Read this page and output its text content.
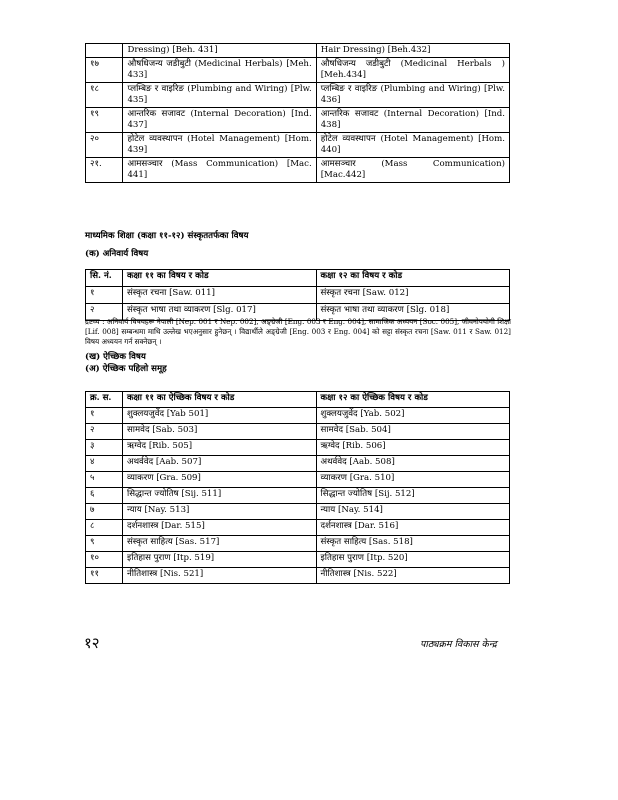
	Dressing) [Beh. 431]	Hair Dressing) [Beh.432]
१७	औषधिजन्य जडीबुटी (Medicinal Herbals) [Meh. 433]	औषधिजन्य जडीबुटी (Medicinal Herbals ) [Meh.434]
१८	प्लम्बिङ र वाइरिङ (Plumbing and Wiring) [Plw. 435]	प्लम्बिङ र वाइरिङ (Plumbing and Wiring) [Plw. 436]
१९	आन्तरिक सजावट (Internal Decoration) [Ind. 437]	आन्तरिक सजावट (Internal Decoration) [Ind. 438]
२०	होटेल व्यवस्थापन (Hotel Management) [Hom. 439]	होटेल व्यवस्थापन (Hotel Management) [Hom. 440]
२१.	आमसञ्चार (Mass Communication) [Mac. 441]	आमसञ्चार (Mass Communication) [Mac.442]
माध्यमिक शिक्षा (कक्षा ११-१२) संस्कृततर्फका विषय
(क) अनिवार्य विषय
सि. नं.	कक्षा ११ का विषय र कोड	कक्षा १२ का विषय र कोड
१	संस्कृत रचना [Saw. 011]	संस्कृत रचना [Saw. 012]
२	संस्कृत भाषा तथा व्याकरण [Slg. 017]	संस्कृत भाषा तथा व्याकरण [Slg. 018]
द्रष्टव्य : अनिवार्य विषयहरू नेपाली [Nep. 001 र Nep. 002], अङ्ग्रेजी [Eng. 003 र Eng. 004], सामाजिक अध्ययन [Soc. 005], जीवनोपयोगी शिक्षा [Lif. 008] सम्बन्धमा माथि उल्लेख भएअनुसार हुनेछन् । विद्यार्थीले अङ्ग्रेजी [Eng. 003 र Eng. 004] को सट्टा संस्कृत रचना [Saw. 011 र Saw. 012] विषय अध्ययन गर्न सक्नेछन् ।
(ख) ऐच्छिक विषय
(अ) ऐच्छिक पहिलो समूह
क्र. स.	कक्षा ११ का ऐच्छिक विषय र कोड	कक्षा १२ का ऐच्छिक विषय र कोड
१	शुक्लयजुर्वेद [Yab 501]	शुक्लयजुर्वेद [Yab. 502]
२	सामवेद [Sab. 503]	सामवेद [Sab. 504]
३	ऋग्वेद [Rib. 505]	ऋग्वेद [Rib. 506]
४	अथर्ववेद [Aab. 507]	अथर्ववेद [Aab. 508]
५	व्याकरण [Gra. 509]	व्याकरण [Gra. 510]
६	सिद्धान्त ज्योतिष [Sij. 511]	सिद्धान्त ज्योतिष [Sij. 512]
७	न्याय [Nay. 513]	न्याय [Nay. 514]
८	दर्शनशास्त्र [Dar. 515]	दर्शनशास्त्र [Dar. 516]
९	संस्कृत साहित्य [Sas. 517]	संस्कृत साहित्य [Sas. 518]
१०	इतिहास पुराण [Itp. 519]	इतिहास पुराण [Itp. 520]
११	नीतिशास्त्र [Nis. 521]	नीतिशास्त्र [Nis. 522]
१२	पाठ्यक्रम विकास केन्द्र
